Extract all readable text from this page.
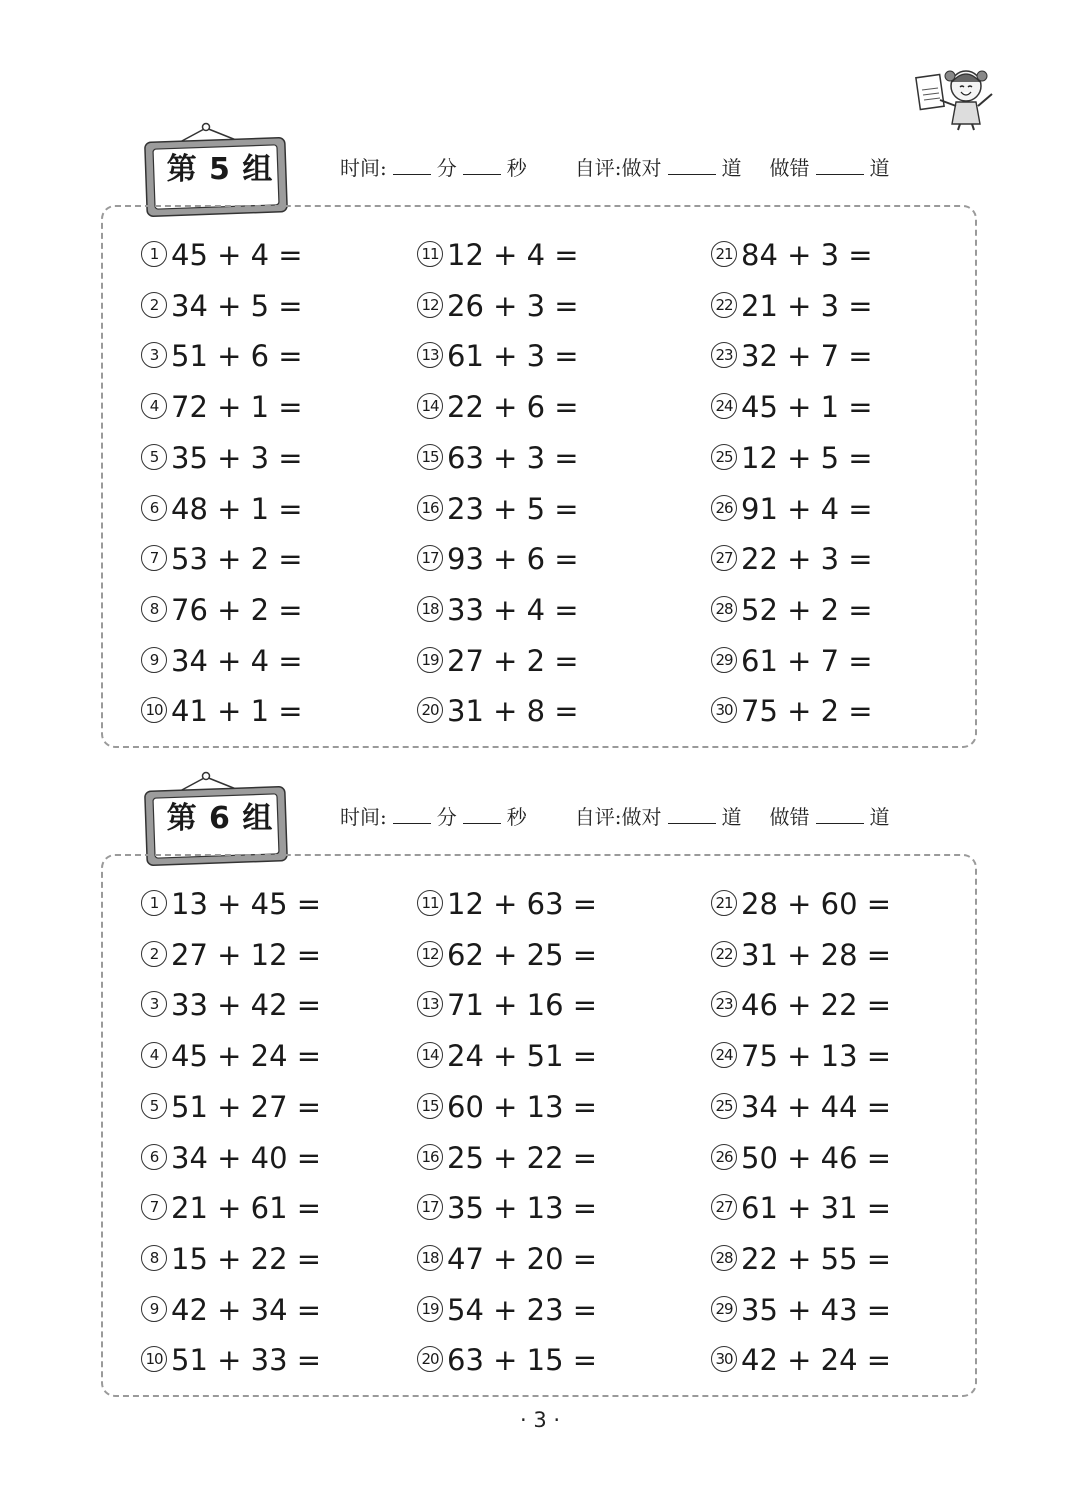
第 5 组	时间:	分	秒 自评:做对	道 做错	道
1 45 + 4 =	11 12 + 4 =	21 84 + 3 =
2 34 + 5 =	12 26 + 3 =	22 21 + 3 =
3 51 + 6 =	13 61 + 3 =	23 32 + 7 =
4 72 + 1 =	14 22 + 6 =	24 45 + 1 =
5 35 + 3 =	15 63 + 3 =	25 12 + 5 =
6 48 + 1 =	16 23 + 5 =	26 91 + 4 =
7 53 + 2 =	17 93 + 6 =	27 22 + 3 =
8 76 + 2 =	18 33 + 4 =	28 52 + 2 =
9 34 + 4 =	19 27 + 2 =	29 61 + 7 =
10 41 + 1 =	20 31 + 8 =	30 75 + 2 =
第 6 组	时间:	分	秒 自评:做对	道 做错	道
1 13 + 45 =	11 12 + 63 =	21 28 + 60 =
2 27 + 12 =	12 62 + 25 =	22 31 + 28 =
3 33 + 42 =	13 71 + 16 =	23 46 + 22 =
4 45 + 24 =	14 24 + 51 =	24 75 + 13 =
5 51 + 27 =	15 60 + 13 =	25 34 + 44 =
6 34 + 40 =	16 25 + 22 =	26 50 + 46 =
7 21 + 61 =	17 35 + 13 =	27 61 + 31 =
8 15 + 22 =	18 47 + 20 =	28 22 + 55 =
9 42 + 34 =	19 54 + 23 =	29 35 + 43 =
10 51 + 33 =	20 63 + 15 =	30 42 + 24 =
· 3 ·
